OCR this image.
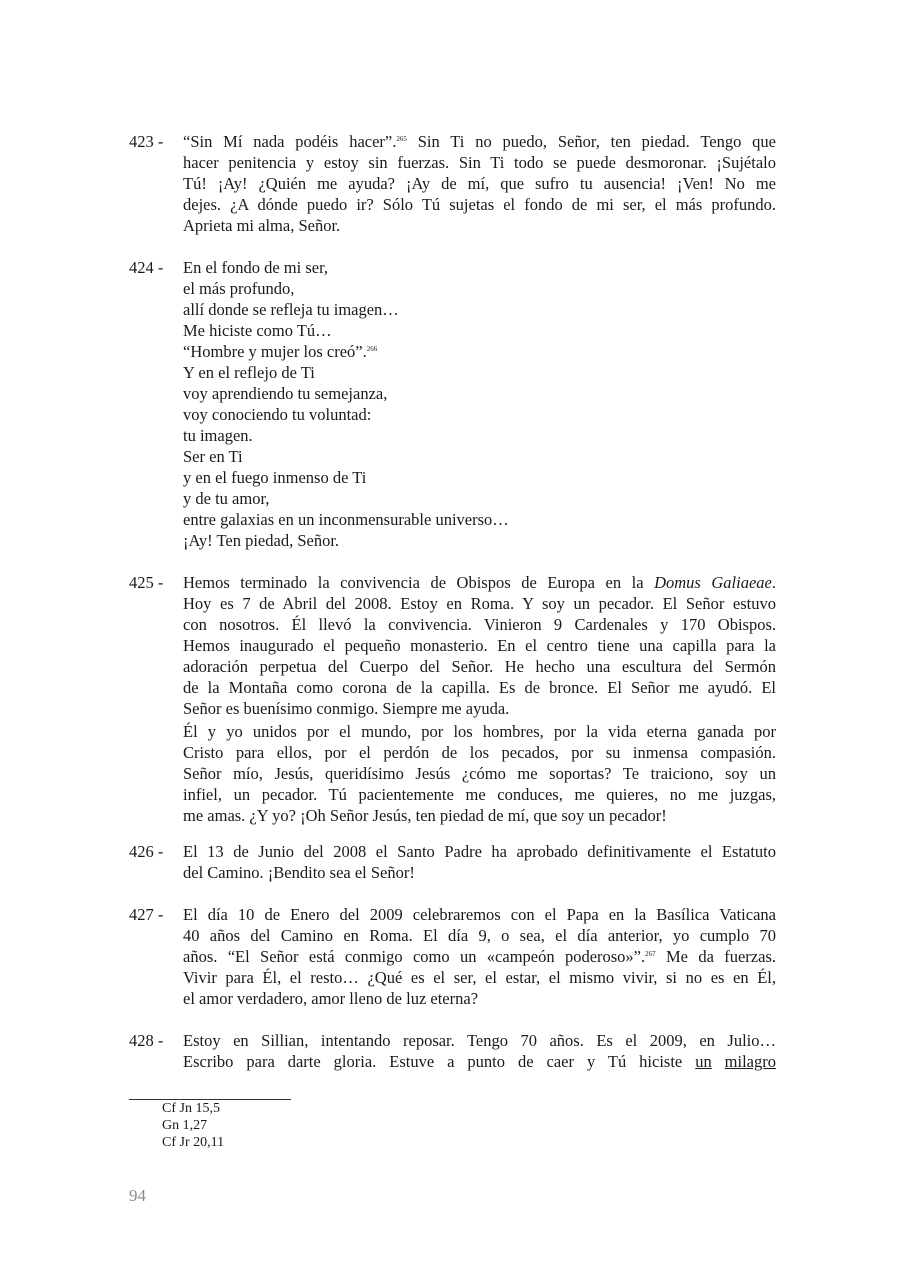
423 - “Sin Mí nada podéis hacer”.$^{265}$ Sin Ti no puedo, Señor, ten piedad. Tengo que
hacer penitencia y estoy sin fuerzas. Sin Ti todo se puede desmoronar. ¡Sujétalo
Tú! ¡Ay! ¿Quién me ayuda? ¡Ay de mí, que sufro tu ausencia! ¡Ven! No me
dejes. ¿A dónde puedo ir? Sólo Tú sujetas el fondo de mi ser, el más profundo.
Aprieta mi alma, Señor.
424 - En el fondo de mi ser,
el más profundo,
allí donde se refleja tu imagen…
Me hiciste como Tú…
“Hombre y mujer los creó”.$^{266}$
Y en el reflejo de Ti
voy aprendiendo tu semejanza,
voy conociendo tu voluntad:
tu imagen.
Ser en Ti
y en el fuego inmenso de Ti
y de tu amor,
entre galaxias en un inconmensurable universo…
¡Ay! Ten piedad, Señor.
425 - Hemos terminado la convivencia de Obispos de Europa en la Domus Galiaeae.
Hoy es 7 de Abril del 2008. Estoy en Roma. Y soy un pecador. El Señor estuvo
con nosotros. Él llevó la convivencia. Vinieron 9 Cardenales y 170 Obispos.
Hemos inaugurado el pequeño monasterio. En el centro tiene una capilla para la
adoración perpetua del Cuerpo del Señor. He hecho una escultura del Sermón
de la Montaña como corona de la capilla. Es de bronce. El Señor me ayudó. El
Señor es buenísimo conmigo. Siempre me ayuda.
Él y yo unidos por el mundo, por los hombres, por la vida eterna ganada por
Cristo para ellos, por el perdón de los pecados, por su inmensa compasión.
Señor mío, Jesús, queridísimo Jesús ¿cómo me soportas? Te traiciono, soy un
infiel, un pecador. Tú pacientemente me conduces, me quieres, no me juzgas,
me amas. ¿Y yo? ¡Oh Señor Jesús, ten piedad de mí, que soy un pecador!
426 - El 13 de Junio del 2008 el Santo Padre ha aprobado definitivamente el Estatuto
del Camino. ¡Bendito sea el Señor!
427 - El día 10 de Enero del 2009 celebraremos con el Papa en la Basílica Vaticana
40 años del Camino en Roma. El día 9, o sea, el día anterior, yo cumplo 70
años. “El Señor está conmigo como un «campeón poderoso»”.$^{267}$ Me da fuerzas.
Vivir para Él, el resto… ¿Qué es el ser, el estar, el mismo vivir, si no es en Él,
el amor verdadero, amor lleno de luz eterna?
428 - Estoy en Sillian, intentando reposar. Tengo 70 años. Es el 2009, en Julio…
Escribo para darte gloria. Estuve a punto de caer y Tú hiciste un milagro
Cf Jn 15,5
Gn 1,27
Cf Jr 20,11
94
